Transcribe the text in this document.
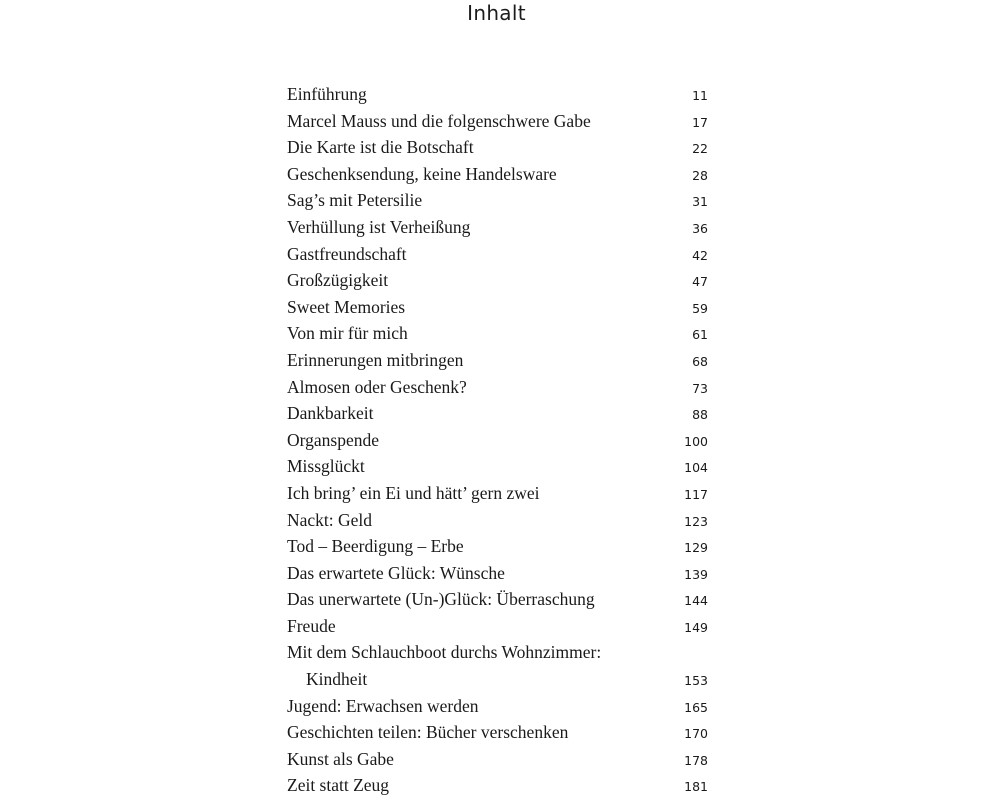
Inhalt
Einführung	11
Marcel Mauss und die folgenschwere Gabe	17
Die Karte ist die Botschaft	22
Geschenksendung, keine Handelsware	28
Sag’s mit Petersilie	31
Verhüllung ist Verheißung	36
Gastfreundschaft	42
Großzügigkeit	47
Sweet Memories	59
Von mir für mich	61
Erinnerungen mitbringen	68
Almosen oder Geschenk?	73
Dankbarkeit	88
Organspende	100
Missglückt	104
Ich bring’ ein Ei und hätt’ gern zwei	117
Nackt: Geld	123
Tod – Beerdigung – Erbe	129
Das erwartete Glück: Wünsche	139
Das unerwartete (Un-)Glück: Überraschung	144
Freude	149
Mit dem Schlauchboot durchs Wohnzimmer:
Kindheit	153
Jugend: Erwachsen werden	165
Geschichten teilen: Bücher verschenken	170
Kunst als Gabe	178
Zeit statt Zeug	181
